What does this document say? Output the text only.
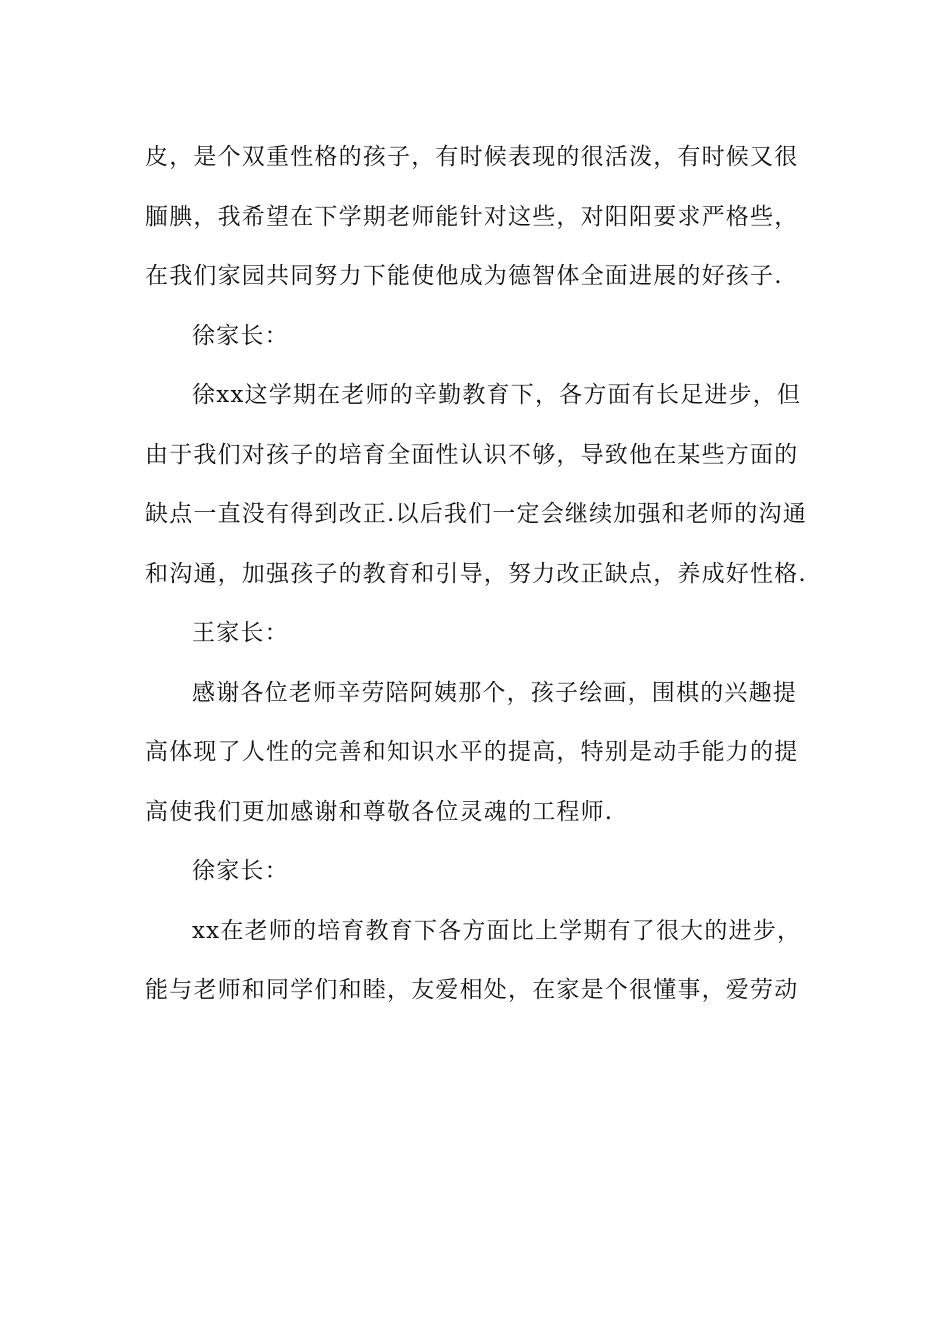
皮，是个双重性格的孩子，有时候表现的很活泼，有时候又很
腼腆，我希望在下学期老师能针对这些，对阳阳要求严格些，
在我们家园共同努力下能使他成为德智体全面进展的好孩子.
徐家长：
徐xx这学期在老师的辛勤教育下，各方面有长足进步，但
由于我们对孩子的培育全面性认识不够，导致他在某些方面的
缺点一直没有得到改正.以后我们一定会继续加强和老师的沟通
和沟通，加强孩子的教育和引导，努力改正缺点，养成好性格.
王家长：
感谢各位老师辛劳陪阿姨那个，孩子绘画，围棋的兴趣提
高体现了人性的完善和知识水平的提高，特别是动手能力的提
高使我们更加感谢和尊敬各位灵魂的工程师.
徐家长：
xx在老师的培育教育下各方面比上学期有了很大的进步，
能与老师和同学们和睦，友爱相处，在家是个很懂事，爱劳动
